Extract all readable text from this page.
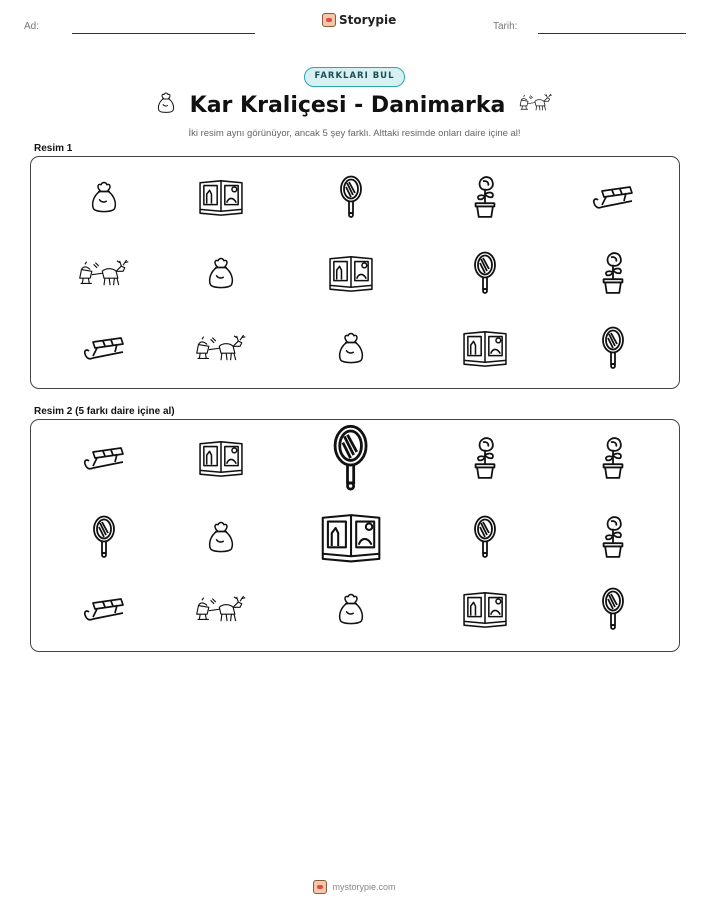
Ad:	Storypie	Tarih:
FARKLARI BUL
Kar Kraliçesi - Danimarka
İki resim aynı görünüyor, ancak 5 şey farklı. Alttaki resimde onları daire içine al!
Resim 1
Resim 2 (5 farkı daire içine al)
mystorypie.com
